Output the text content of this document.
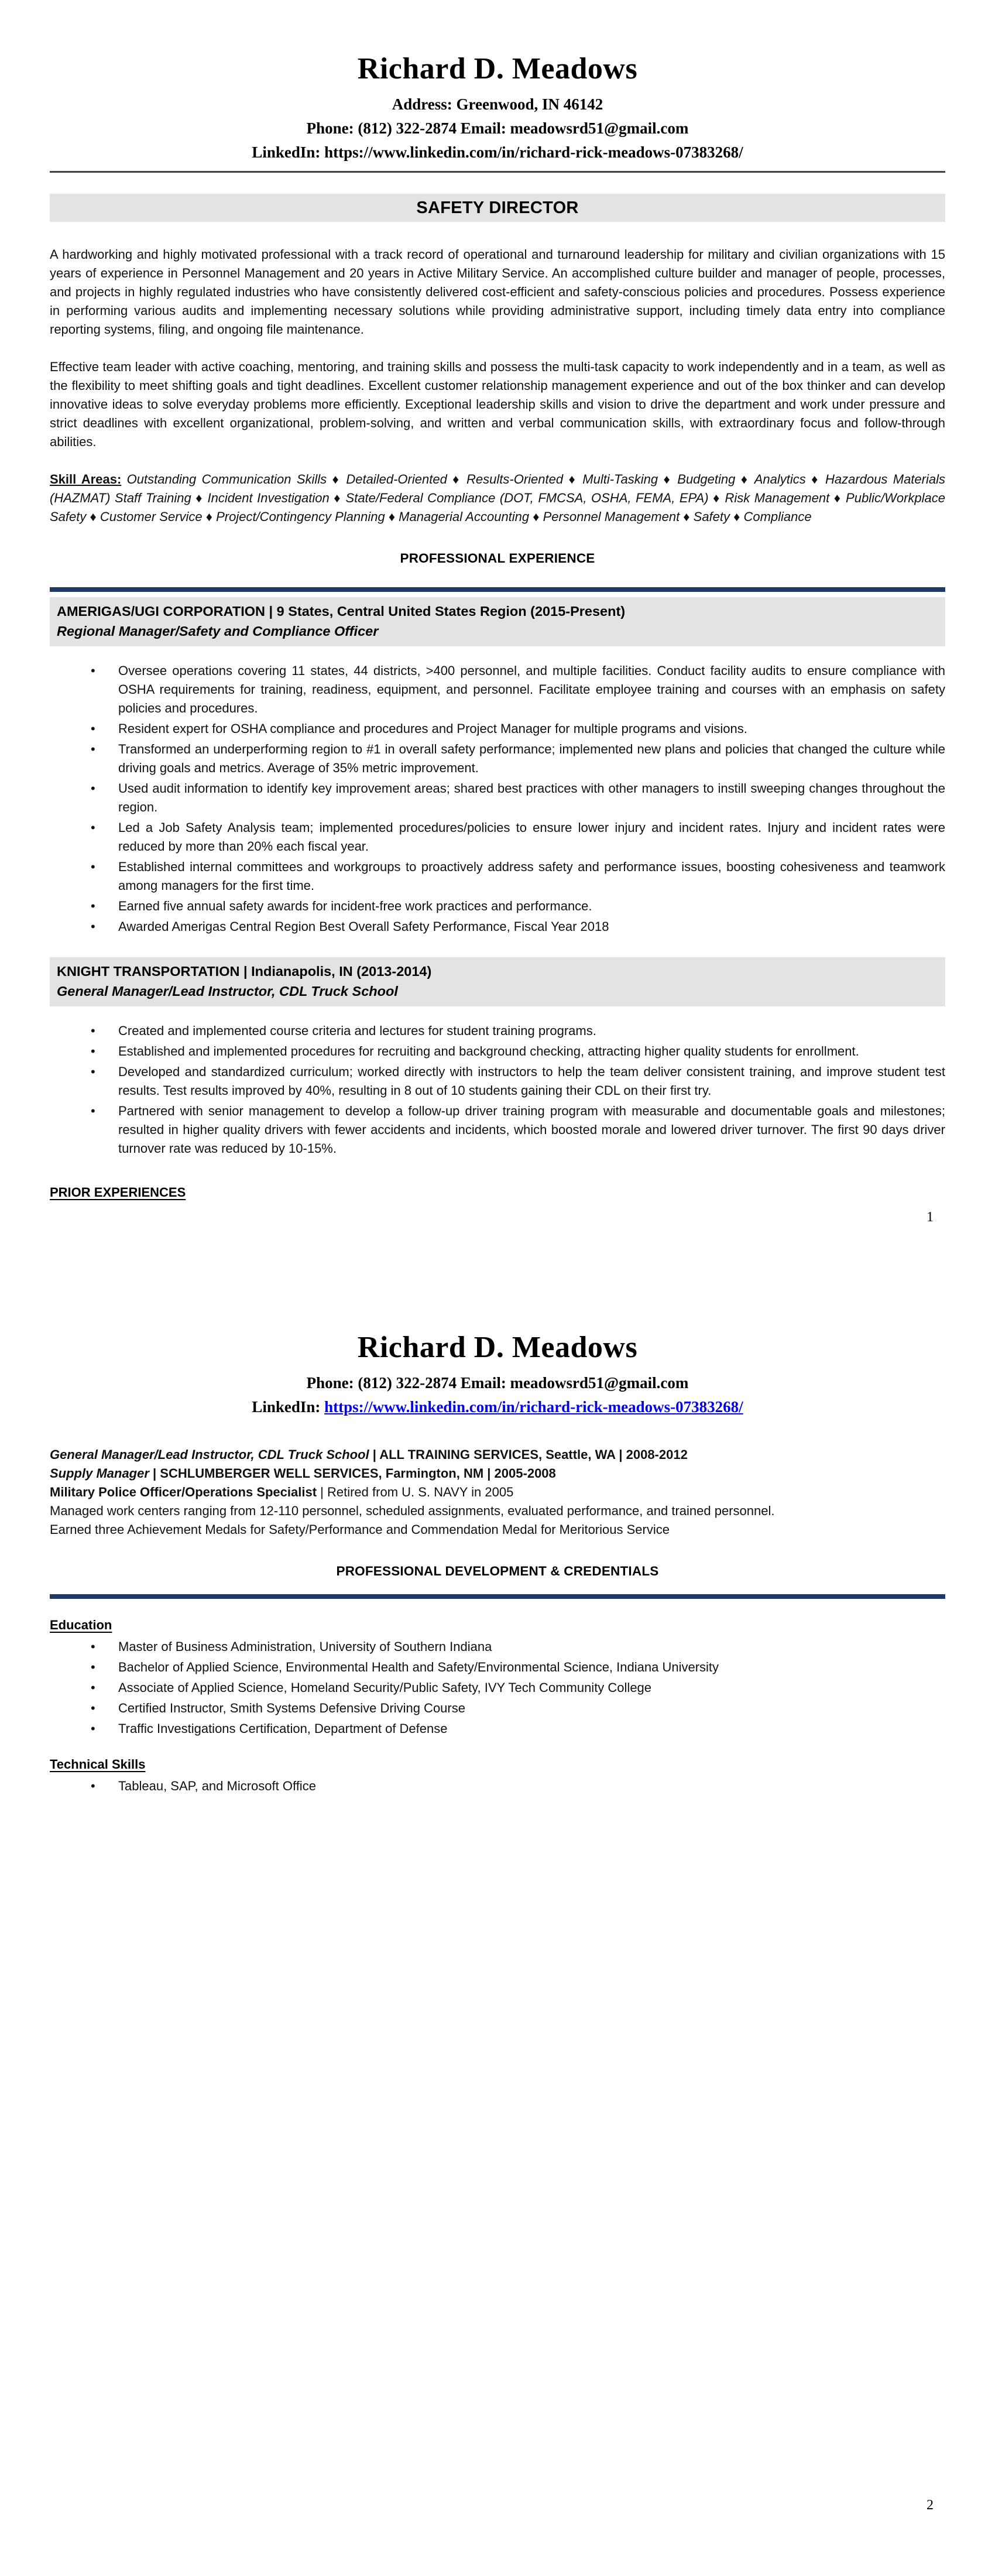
Richard D. Meadows
Address: Greenwood, IN 46142
Phone: (812) 322-2874 Email: meadowsrd51@gmail.com
LinkedIn: https://www.linkedin.com/in/richard-rick-meadows-07383268/
SAFETY DIRECTOR

A hardworking and highly motivated professional with a track record of operational and turnaround leadership for military and civilian organizations with 15 years of experience in Personnel Management and 20 years in Active Military Service. An accomplished culture builder and manager of people, processes, and projects in highly regulated industries who have consistently delivered cost-efficient and safety-conscious policies and procedures. Possess experience in performing various audits and implementing necessary solutions while providing administrative support, including timely data entry into compliance reporting systems, filing, and ongoing file maintenance.

Effective team leader with active coaching, mentoring, and training skills and possess the multi-task capacity to work independently and in a team, as well as the flexibility to meet shifting goals and tight deadlines. Excellent customer relationship management experience and out of the box thinker and can develop innovative ideas to solve everyday problems more efficiently. Exceptional leadership skills and vision to drive the department and work under pressure and strict deadlines with excellent organizational, problem-solving, and written and verbal communication skills, with extraordinary focus and follow-through abilities.

Skill Areas: Outstanding Communication Skills ♦ Detailed-Oriented ♦ Results-Oriented ♦ Multi-Tasking ♦ Budgeting ♦ Analytics ♦ Hazardous Materials (HAZMAT) Staff Training ♦ Incident Investigation ♦ State/Federal Compliance (DOT, FMCSA, OSHA, FEMA, EPA) ♦ Risk Management ♦ Public/Workplace Safety ♦ Customer Service ♦ Project/Contingency Planning ♦ Managerial Accounting ♦ Personnel Management ♦ Safety ♦ Compliance

PROFESSIONAL EXPERIENCE
AMERIGAS/UGI CORPORATION | 9 States, Central United States Region (2015-Present)
Regional Manager/Safety and Compliance Officer
• Oversee operations covering 11 states, 44 districts, >400 personnel, and multiple facilities. Conduct facility audits to ensure compliance with OSHA requirements for training, readiness, equipment, and personnel. Facilitate employee training and courses with an emphasis on safety policies and procedures.
• Resident expert for OSHA compliance and procedures and Project Manager for multiple programs and visions.
• Transformed an underperforming region to #1 in overall safety performance; implemented new plans and policies that changed the culture while driving goals and metrics. Average of 35% metric improvement.
• Used audit information to identify key improvement areas; shared best practices with other managers to instill sweeping changes throughout the region.
• Led a Job Safety Analysis team; implemented procedures/policies to ensure lower injury and incident rates. Injury and incident rates were reduced by more than 20% each fiscal year.
• Established internal committees and workgroups to proactively address safety and performance issues, boosting cohesiveness and teamwork among managers for the first time.
• Earned five annual safety awards for incident-free work practices and performance.
• Awarded Amerigas Central Region Best Overall Safety Performance, Fiscal Year 2018
KNIGHT TRANSPORTATION | Indianapolis, IN (2013-2014)
General Manager/Lead Instructor, CDL Truck School
• Created and implemented course criteria and lectures for student training programs.
• Established and implemented procedures for recruiting and background checking, attracting higher quality students for enrollment.
• Developed and standardized curriculum; worked directly with instructors to help the team deliver consistent training, and improve student test results. Test results improved by 40%, resulting in 8 out of 10 students gaining their CDL on their first try.
• Partnered with senior management to develop a follow-up driver training program with measurable and documentable goals and milestones; resulted in higher quality drivers with fewer accidents and incidents, which boosted morale and lowered driver turnover. The first 90 days driver turnover rate was reduced by 10-15%.
PRIOR EXPERIENCES
1
Richard D. Meadows
Phone: (812) 322-2874 Email: meadowsrd51@gmail.com
LinkedIn: https://www.linkedin.com/in/richard-rick-meadows-07383268/
General Manager/Lead Instructor, CDL Truck School | ALL TRAINING SERVICES, Seattle, WA | 2008-2012
Supply Manager | SCHLUMBERGER WELL SERVICES, Farmington, NM | 2005-2008
Military Police Officer/Operations Specialist | Retired from U. S. NAVY in 2005
Managed work centers ranging from 12-110 personnel, scheduled assignments, evaluated performance, and trained personnel.
Earned three Achievement Medals for Safety/Performance and Commendation Medal for Meritorious Service
PROFESSIONAL DEVELOPMENT & CREDENTIALS
Education
• Master of Business Administration, University of Southern Indiana
• Bachelor of Applied Science, Environmental Health and Safety/Environmental Science, Indiana University
• Associate of Applied Science, Homeland Security/Public Safety, IVY Tech Community College
• Certified Instructor, Smith Systems Defensive Driving Course
• Traffic Investigations Certification, Department of Defense
Technical Skills
• Tableau, SAP, and Microsoft Office
2
